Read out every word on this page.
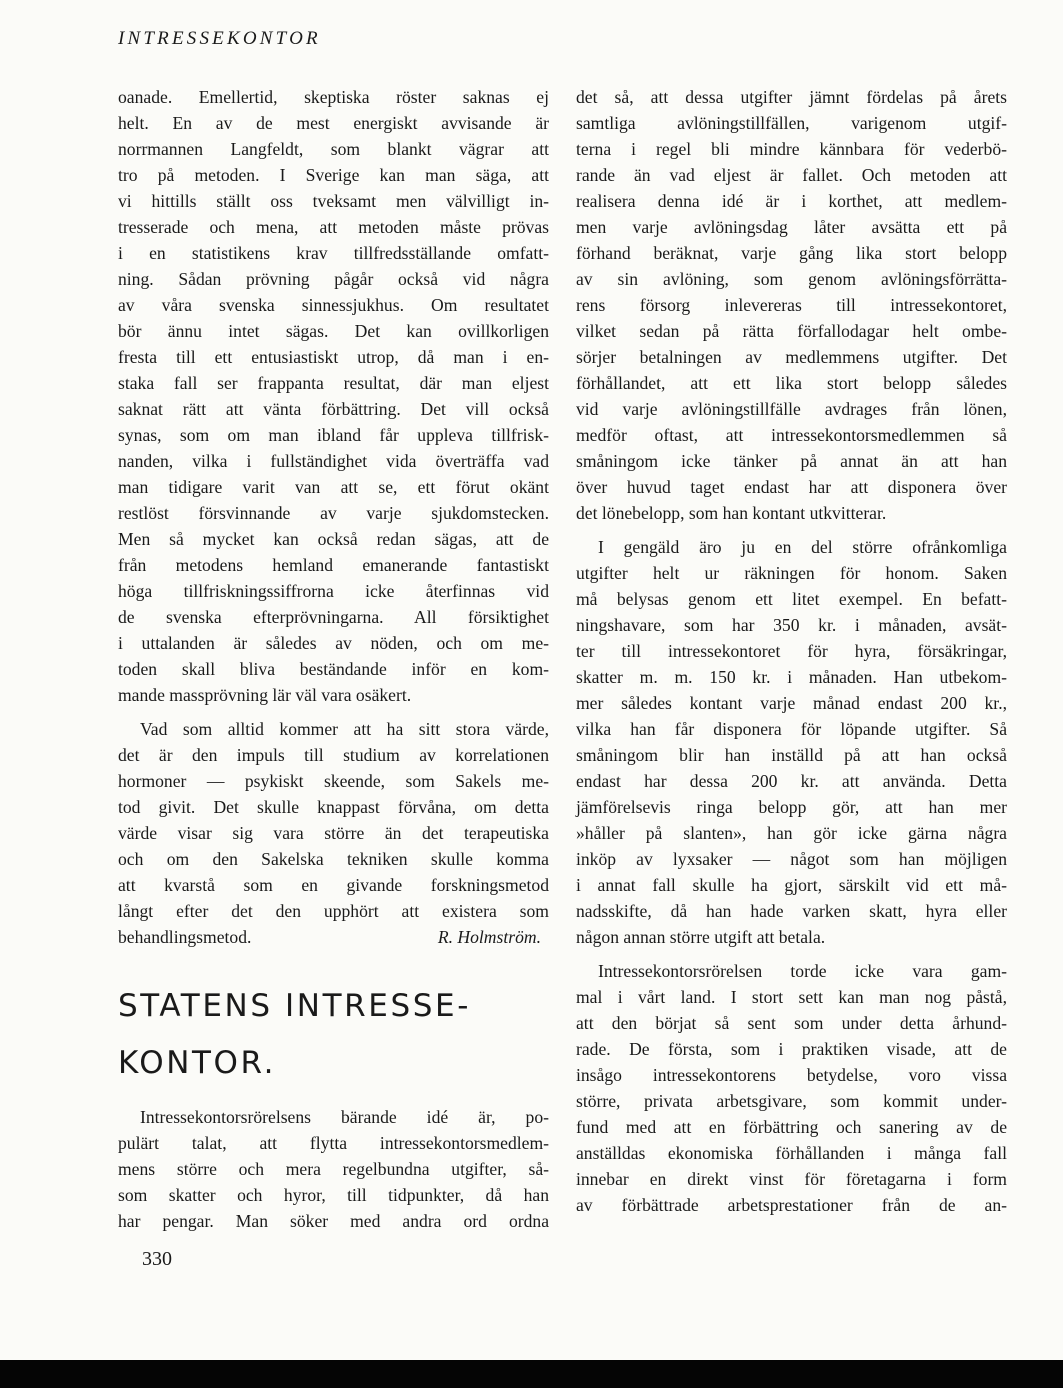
INTRESSEKONTOR
oanade. Emellertid, skeptiska röster saknas ej
helt. En av de mest energiskt avvisande är
norrmannen Langfeldt, som blankt vägrar att
tro på metoden. I Sverige kan man säga, att
vi hittills ställt oss tveksamt men välvilligt in-
tresserade och mena, att metoden måste prövas
i en statistikens krav tillfredsställande omfatt-
ning. Sådan prövning pågår också vid några
av våra svenska sinnessjukhus. Om resultatet
bör ännu intet sägas. Det kan ovillkorligen
fresta till ett entusiastiskt utrop, då man i en-
staka fall ser frappanta resultat, där man eljest
saknat rätt att vänta förbättring. Det vill också
synas, som om man ibland får uppleva tillfrisk-
nanden, vilka i fullständighet vida överträffa vad
man tidigare varit van att se, ett förut okänt
restlöst försvinnande av varje sjukdomstecken.
Men så mycket kan också redan sägas, att de
från metodens hemland emanerande fantastiskt
höga tillfriskningssiffrorna icke återfinnas vid
de svenska efterprövningarna. All försiktighet
i uttalanden är således av nöden, och om me-
toden skall bliva beständande inför en kom-
mande massprövning lär väl vara osäkert.
Vad som alltid kommer att ha sitt stora värde,
det är den impuls till studium av korrelationen
hormoner — psykiskt skeende, som Sakels me-
tod givit. Det skulle knappast förvåna, om detta
värde visar sig vara större än det terapeutiska
och om den Sakelska tekniken skulle komma
att kvarstå som en givande forskningsmetod
långt efter det den upphört att existera som
behandlingsmetod.	R. Holmström.
STATENS INTRESSE-
KONTOR.
Intressekontorsrörelsens bärande idé är, po-
pulärt talat, att flytta intressekontorsmedlem-
mens större och mera regelbundna utgifter, så-
som skatter och hyror, till tidpunkter, då han
har pengar. Man söker med andra ord ordna
det så, att dessa utgifter jämnt fördelas på årets
samtliga avlöningstillfällen, varigenom utgif-
terna i regel bli mindre kännbara för vederbö-
rande än vad eljest är fallet. Och metoden att
realisera denna idé är i korthet, att medlem-
men varje avlöningsdag låter avsätta ett på
förhand beräknat, varje gång lika stort belopp
av sin avlöning, som genom avlöningsförrätta-
rens försorg inlevereras till intressekontoret,
vilket sedan på rätta förfallodagar helt ombe-
sörjer betalningen av medlemmens utgifter. Det
förhållandet, att ett lika stort belopp således
vid varje avlöningstillfälle avdrages från lönen,
medför oftast, att intressekontorsmedlemmen så
småningom icke tänker på annat än att han
över huvud taget endast har att disponera över
det lönebelopp, som han kontant utkvitterar.
I gengäld äro ju en del större ofrånkomliga
utgifter helt ur räkningen för honom. Saken
må belysas genom ett litet exempel. En befatt-
ningshavare, som har 350 kr. i månaden, avsät-
ter till intressekontoret för hyra, försäkringar,
skatter m. m. 150 kr. i månaden. Han utbekom-
mer således kontant varje månad endast 200 kr.,
vilka han får disponera för löpande utgifter. Så
småningom blir han inställd på att han också
endast har dessa 200 kr. att använda. Detta
jämförelsevis ringa belopp gör, att han mer
»håller på slanten», han gör icke gärna några
inköp av lyxsaker — något som han möjligen
i annat fall skulle ha gjort, särskilt vid ett må-
nadsskifte, då han hade varken skatt, hyra eller
någon annan större utgift att betala.
Intressekontorsrörelsen torde icke vara gam-
mal i vårt land. I stort sett kan man nog påstå,
att den börjat så sent som under detta århund-
rade. De första, som i praktiken visade, att de
insågo intressekontorens betydelse, voro vissa
större, privata arbetsgivare, som kommit under-
fund med att en förbättring och sanering av de
anställdas ekonomiska förhållanden i många fall
innebar en direkt vinst för företagarna i form
av förbättrade arbetsprestationer från de an-
330
